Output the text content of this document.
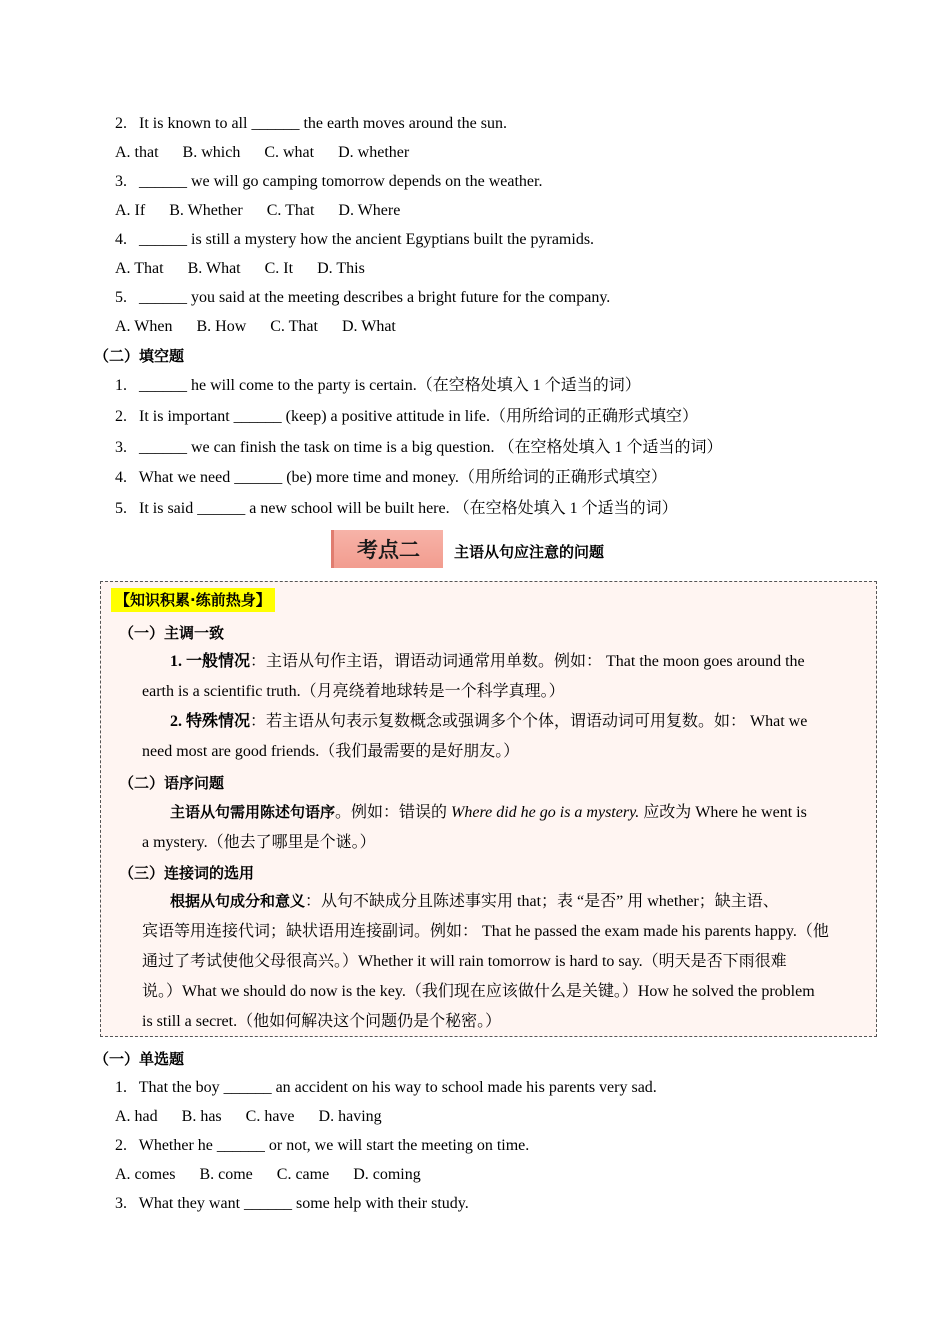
2.   It is known to all ______ the earth moves around the sun.
A. that B. which C. what D. whether
3.   ______ we will go camping tomorrow depends on the weather.
A. If B. Whether C. That D. Where
4.   ______ is still a mystery how the ancient Egyptians built the pyramids.
A. That B. What C. It D. This
5.   ______ you said at the meeting describes a bright future for the company.
A. When B. How C. That D. What
（二）填空题
1.   ______ he will come to the party is certain.（在空格处填入 1 个适当的词）
2.   It is important ______ (keep) a positive attitude in life.（用所给词的正确形式填空）
3.   ______ we can finish the task on time is a big question. （在空格处填入 1 个适当的词）
4.   What we need ______ (be) more time and money.（用所给词的正确形式填空）
5.   It is said ______ a new school will be built here. （在空格处填入 1 个适当的词）
考点二 主语从句应注意的问题
【知识积累·练前热身】
（一）主调一致
1. 一般情况：主语从句作主语，谓语动词通常用单数。例如： That the moon goes around the
earth is a scientific truth.（月亮绕着地球转是一个科学真理。）
2. 特殊情况：若主语从句表示复数概念或强调多个个体，谓语动词可用复数。如： What we
need most are good friends.（我们最需要的是好朋友。）
（二）语序问题
主语从句需用陈述句语序。例如：错误的 Where did he go is a mystery. 应改为 Where he went is
a mystery.（他去了哪里是个谜。）
（三）连接词的选用
根据从句成分和意义：从句不缺成分且陈述事实用 that；表 “是否” 用 whether；缺主语、
宾语等用连接代词；缺状语用连接副词。例如： That he passed the exam made his parents happy.（他
通过了考试使他父母很高兴。）Whether it will rain tomorrow is hard to say.（明天是否下雨很难
说。）What we should do now is the key.（我们现在应该做什么是关键。）How he solved the problem
is still a secret.（他如何解决这个问题仍是个秘密。）
（一）单选题
1.   That the boy ______ an accident on his way to school made his parents very sad.
A. had B. has C. have D. having
2.   Whether he ______ or not, we will start the meeting on time.
A. comes B. come C. came D. coming
3.   What they want ______ some help with their study.
